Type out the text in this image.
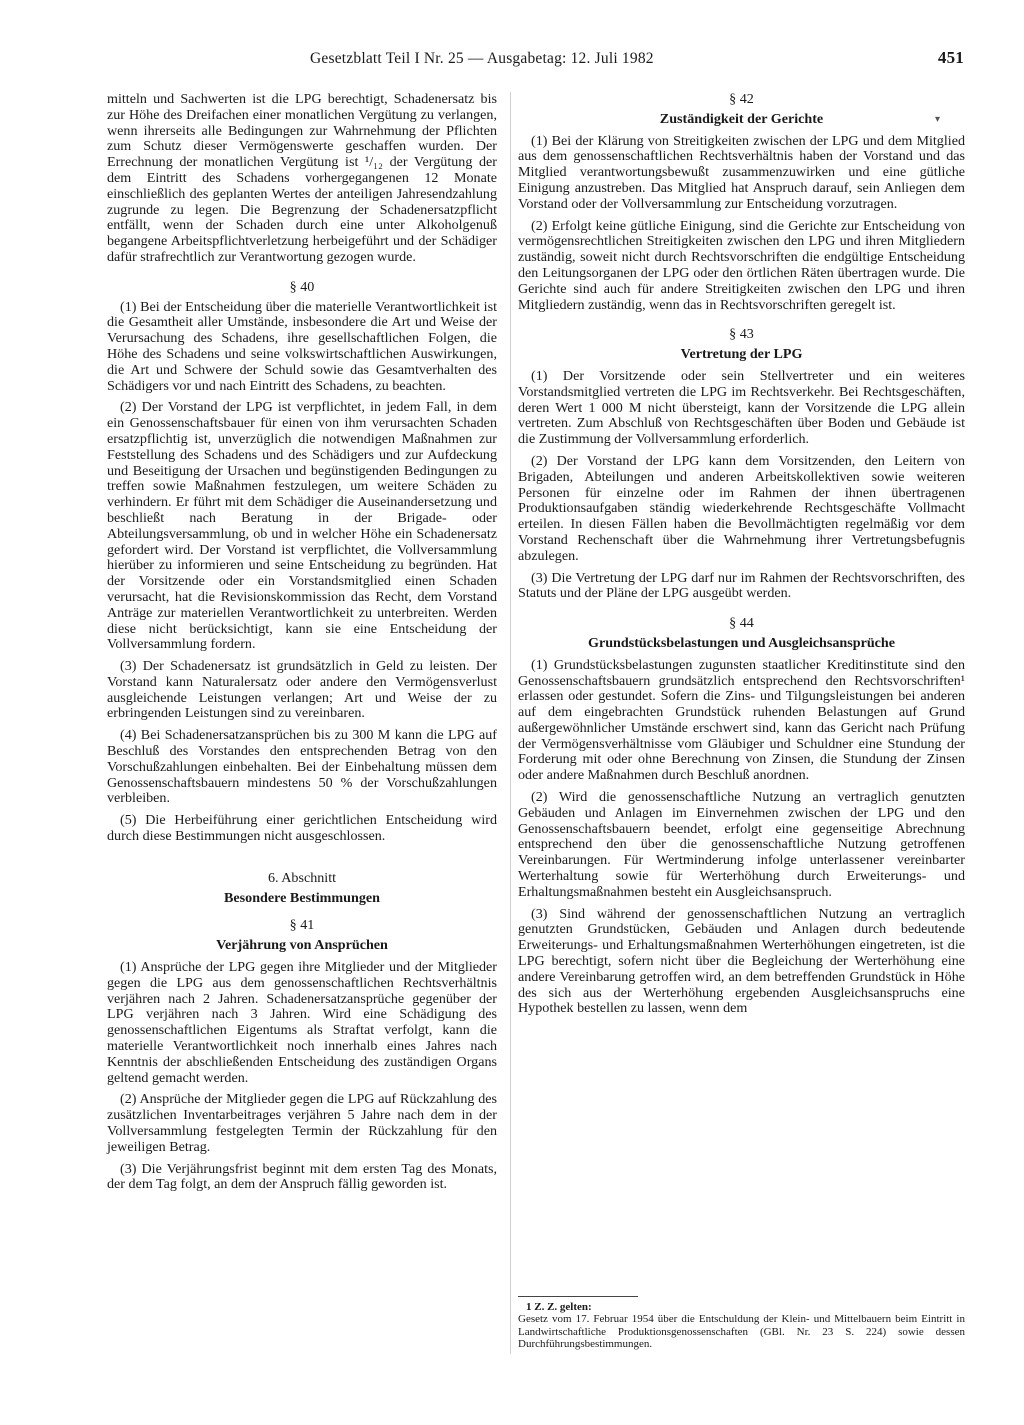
Gesetzblatt Teil I Nr. 25 — Ausgabetag: 12. Juli 1982	451
▾

mitteln und Sachwerten ist die LPG berechtigt, Schadenersatz bis zur Höhe des Dreifachen einer monatlichen Vergütung zu verlangen, wenn ihrerseits alle Bedingungen zur Wahrnehmung der Pflichten zum Schutz dieser Vermögenswerte geschaffen wurden. Der Errechnung der monatlichen Vergütung ist ¹/₁₂ der Vergütung der dem Eintritt des Schadens vorhergegangenen 12 Monate einschließlich des geplanten Wertes der anteiligen Jahresendzahlung zugrunde zu legen. Die Begrenzung der Schadenersatzpflicht entfällt, wenn der Schaden durch eine unter Alkoholgenuß begangene Arbeitspflichtverletzung herbeigeführt und der Schädiger dafür strafrechtlich zur Verantwortung gezogen wurde.

§ 40

(1) Bei der Entscheidung über die materielle Verantwortlichkeit ist die Gesamtheit aller Umstände, insbesondere die Art und Weise der Verursachung des Schadens, ihre gesellschaftlichen Folgen, die Höhe des Schadens und seine volkswirtschaftlichen Auswirkungen, die Art und Schwere der Schuld sowie das Gesamtverhalten des Schädigers vor und nach Eintritt des Schadens, zu beachten.

(2) Der Vorstand der LPG ist verpflichtet, in jedem Fall, in dem ein Genossenschaftsbauer für einen von ihm verursachten Schaden ersatzpflichtig ist, unverzüglich die notwendigen Maßnahmen zur Feststellung des Schadens und des Schädigers und zur Aufdeckung und Beseitigung der Ursachen und begünstigenden Bedingungen zu treffen sowie Maßnahmen festzulegen, um weitere Schäden zu verhindern. Er führt mit dem Schädiger die Auseinandersetzung und beschließt nach Beratung in der Brigade- oder Abteilungsversammlung, ob und in welcher Höhe ein Schadenersatz gefordert wird. Der Vorstand ist verpflichtet, die Vollversammlung hierüber zu informieren und seine Entscheidung zu begründen. Hat der Vorsitzende oder ein Vorstandsmitglied einen Schaden verursacht, hat die Revisionskommission das Recht, dem Vorstand Anträge zur materiellen Verantwortlichkeit zu unterbreiten. Werden diese nicht berücksichtigt, kann sie eine Entscheidung der Vollversammlung fordern.

(3) Der Schadenersatz ist grundsätzlich in Geld zu leisten. Der Vorstand kann Naturalersatz oder andere den Vermögensverlust ausgleichende Leistungen verlangen; Art und Weise der zu erbringenden Leistungen sind zu vereinbaren.

(4) Bei Schadenersatzansprüchen bis zu 300 M kann die LPG auf Beschluß des Vorstandes den entsprechenden Betrag von den Vorschußzahlungen einbehalten. Bei der Einbehaltung müssen dem Genossenschaftsbauern mindestens 50 % der Vorschußzahlungen verbleiben.

(5) Die Herbeiführung einer gerichtlichen Entscheidung wird durch diese Bestimmungen nicht ausgeschlossen.

6. Abschnitt
Besondere Bestimmungen
§ 41
Verjährung von Ansprüchen

(1) Ansprüche der LPG gegen ihre Mitglieder und der Mitglieder gegen die LPG aus dem genossenschaftlichen Rechtsverhältnis verjähren nach 2 Jahren. Schadenersatzansprüche gegenüber der LPG verjähren nach 3 Jahren. Wird eine Schädigung des genossenschaftlichen Eigentums als Straftat verfolgt, kann die materielle Verantwortlichkeit noch innerhalb eines Jahres nach Kenntnis der abschließenden Entscheidung des zuständigen Organs geltend gemacht werden.

(2) Ansprüche der Mitglieder gegen die LPG auf Rückzahlung des zusätzlichen Inventarbeitrages verjähren 5 Jahre nach dem in der Vollversammlung festgelegten Termin der Rückzahlung für den jeweiligen Betrag.

(3) Die Verjährungsfrist beginnt mit dem ersten Tag des Monats, der dem Tag folgt, an dem der Anspruch fällig geworden ist.

§ 42
Zuständigkeit der Gerichte

(1) Bei der Klärung von Streitigkeiten zwischen der LPG und dem Mitglied aus dem genossenschaftlichen Rechtsverhältnis haben der Vorstand und das Mitglied verantwortungsbewußt zusammenzuwirken und eine gütliche Einigung anzustreben. Das Mitglied hat Anspruch darauf, sein Anliegen dem Vorstand oder der Vollversammlung zur Entscheidung vorzutragen.

(2) Erfolgt keine gütliche Einigung, sind die Gerichte zur Entscheidung von vermögensrechtlichen Streitigkeiten zwischen den LPG und ihren Mitgliedern zuständig, soweit nicht durch Rechtsvorschriften die endgültige Entscheidung den Leitungsorganen der LPG oder den örtlichen Räten übertragen wurde. Die Gerichte sind auch für andere Streitigkeiten zwischen den LPG und ihren Mitgliedern zuständig, wenn das in Rechtsvorschriften geregelt ist.

§ 43
Vertretung der LPG

(1) Der Vorsitzende oder sein Stellvertreter und ein weiteres Vorstandsmitglied vertreten die LPG im Rechtsverkehr. Bei Rechtsgeschäften, deren Wert 1 000 M nicht übersteigt, kann der Vorsitzende die LPG allein vertreten. Zum Abschluß von Rechtsgeschäften über Boden und Gebäude ist die Zustimmung der Vollversammlung erforderlich.

(2) Der Vorstand der LPG kann dem Vorsitzenden, den Leitern von Brigaden, Abteilungen und anderen Arbeitskollektiven sowie weiteren Personen für einzelne oder im Rahmen der ihnen übertragenen Produktionsaufgaben ständig wiederkehrende Rechtsgeschäfte Vollmacht erteilen. In diesen Fällen haben die Bevollmächtigten regelmäßig vor dem Vorstand Rechenschaft über die Wahrnehmung ihrer Vertretungsbefugnis abzulegen.

(3) Die Vertretung der LPG darf nur im Rahmen der Rechtsvorschriften, des Statuts und der Pläne der LPG ausgeübt werden.

§ 44
Grundstücksbelastungen und Ausgleichsansprüche

(1) Grundstücksbelastungen zugunsten staatlicher Kreditinstitute sind den Genossenschaftsbauern grundsätzlich entsprechend den Rechtsvorschriften¹ erlassen oder gestundet. Sofern die Zins- und Tilgungsleistungen bei anderen auf dem eingebrachten Grundstück ruhenden Belastungen auf Grund außergewöhnlicher Umstände erschwert sind, kann das Gericht nach Prüfung der Vermögensverhältnisse vom Gläubiger und Schuldner eine Stundung der Forderung mit oder ohne Berechnung von Zinsen, die Stundung der Zinsen oder andere Maßnahmen durch Beschluß anordnen.

(2) Wird die genossenschaftliche Nutzung an vertraglich genutzten Gebäuden und Anlagen im Einvernehmen zwischen der LPG und den Genossenschaftsbauern beendet, erfolgt eine gegenseitige Abrechnung entsprechend den über die genossenschaftliche Nutzung getroffenen Vereinbarungen. Für Wertminderung infolge unterlassener vereinbarter Werterhaltung sowie für Werterhöhung durch Erweiterungs- und Erhaltungsmaßnahmen besteht ein Ausgleichsanspruch.

(3) Sind während der genossenschaftlichen Nutzung an vertraglich genutzten Grundstücken, Gebäuden und Anlagen durch bedeutende Erweiterungs- und Erhaltungsmaßnahmen Werterhöhungen eingetreten, ist die LPG berechtigt, sofern nicht über die Begleichung der Werterhöhung eine andere Vereinbarung getroffen wird, an dem betreffenden Grundstück in Höhe des sich aus der Werterhöhung ergebenden Ausgleichsanspruchs eine Hypothek bestellen zu lassen, wenn dem

1 Z. Z. gelten:

Gesetz vom 17. Februar 1954 über die Entschuldung der Klein- und Mittelbauern beim Eintritt in Landwirtschaftliche Produktionsgenossenschaften (GBl. Nr. 23 S. 224) sowie dessen Durchführungsbestimmungen.
